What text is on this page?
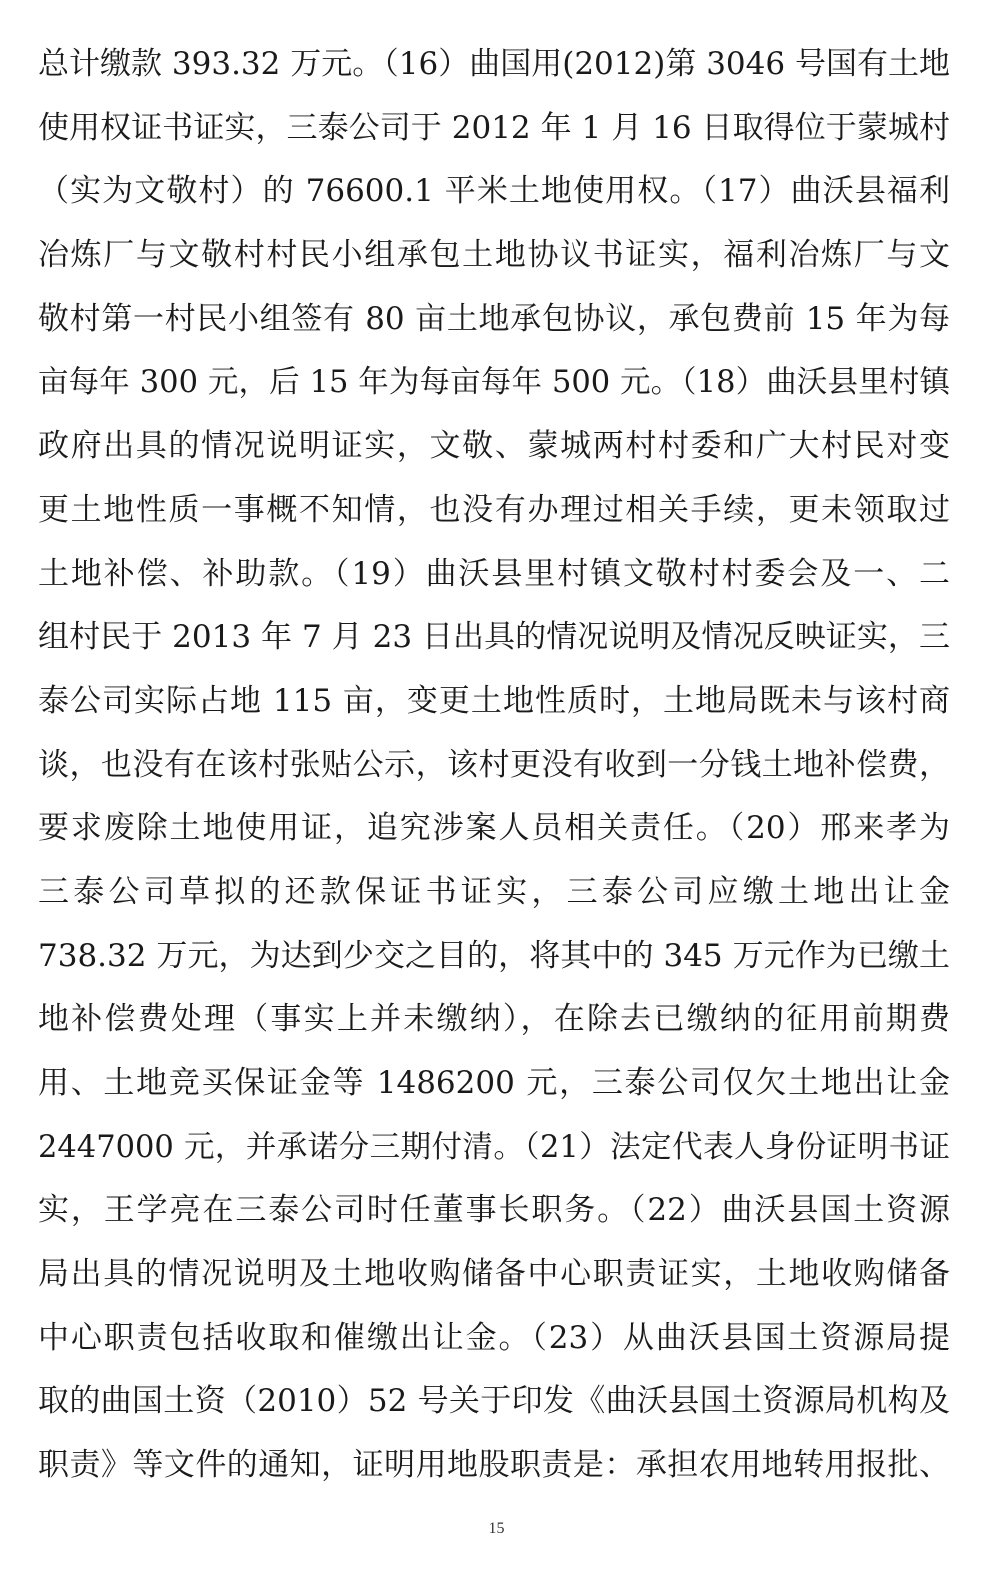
总计缴款 393.32 万元。（16）曲国用(2012)第 3046 号国有土地
使用权证书证实，三泰公司于 2012 年 1 月 16 日取得位于蒙城村
（实为文敬村）的 76600.1 平米土地使用权。（17）曲沃县福利
冶炼厂与文敬村村民小组承包土地协议书证实，福利冶炼厂与文
敬村第一村民小组签有 80 亩土地承包协议，承包费前 15 年为每
亩每年 300 元，后 15 年为每亩每年 500 元。（18）曲沃县里村镇
政府出具的情况说明证实，文敬、蒙城两村村委和广大村民对变
更土地性质一事概不知情，也没有办理过相关手续，更未领取过
土地补偿、补助款。（19）曲沃县里村镇文敬村村委会及一、二
组村民于 2013 年 7 月 23 日出具的情况说明及情况反映证实，三
泰公司实际占地 115 亩，变更土地性质时，土地局既未与该村商
谈，也没有在该村张贴公示，该村更没有收到一分钱土地补偿费，
要求废除土地使用证，追究涉案人员相关责任。（20）邢来孝为
三泰公司草拟的还款保证书证实，三泰公司应缴土地出让金
738.32 万元，为达到少交之目的，将其中的 345 万元作为已缴土
地补偿费处理（事实上并未缴纳），在除去已缴纳的征用前期费
用、土地竞买保证金等 1486200 元，三泰公司仅欠土地出让金
2447000 元，并承诺分三期付清。（21）法定代表人身份证明书证
实，王学亮在三泰公司时任董事长职务。（22）曲沃县国土资源
局出具的情况说明及土地收购储备中心职责证实，土地收购储备
中心职责包括收取和催缴出让金。（23）从曲沃县国土资源局提
取的曲国土资（2010）52 号关于印发《曲沃县国土资源局机构及
职责》等文件的通知，证明用地股职责是：承担农用地转用报批、
15
